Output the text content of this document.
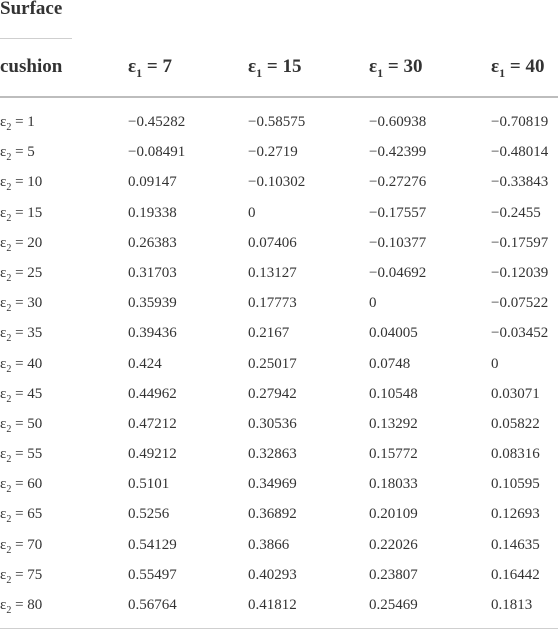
Surface
cushion	$\varepsilon_1 = 7$	$\varepsilon_1 = 15$	$\varepsilon_1 = 30$	$\varepsilon_1 = 40$
$\varepsilon_2 = 1$	−0.45282	−0.58575	−0.60938	−0.70819
$\varepsilon_2 = 5$	−0.08491	−0.2719	−0.42399	−0.48014
$\varepsilon_2 = 10$	0.09147	−0.10302	−0.27276	−0.33843
$\varepsilon_2 = 15$	0.19338	0	−0.17557	−0.2455
$\varepsilon_2 = 20$	0.26383	0.07406	−0.10377	−0.17597
$\varepsilon_2 = 25$	0.31703	0.13127	−0.04692	−0.12039
$\varepsilon_2 = 30$	0.35939	0.17773	0	−0.07522
$\varepsilon_2 = 35$	0.39436	0.2167	0.04005	−0.03452
$\varepsilon_2 = 40$	0.424	0.25017	0.0748	0
$\varepsilon_2 = 45$	0.44962	0.27942	0.10548	0.03071
$\varepsilon_2 = 50$	0.47212	0.30536	0.13292	0.05822
$\varepsilon_2 = 55$	0.49212	0.32863	0.15772	0.08316
$\varepsilon_2 = 60$	0.5101	0.34969	0.18033	0.10595
$\varepsilon_2 = 65$	0.5256	0.36892	0.20109	0.12693
$\varepsilon_2 = 70$	0.54129	0.3866	0.22026	0.14635
$\varepsilon_2 = 75$	0.55497	0.40293	0.23807	0.16442
$\varepsilon_2 = 80$	0.56764	0.41812	0.25469	0.1813
